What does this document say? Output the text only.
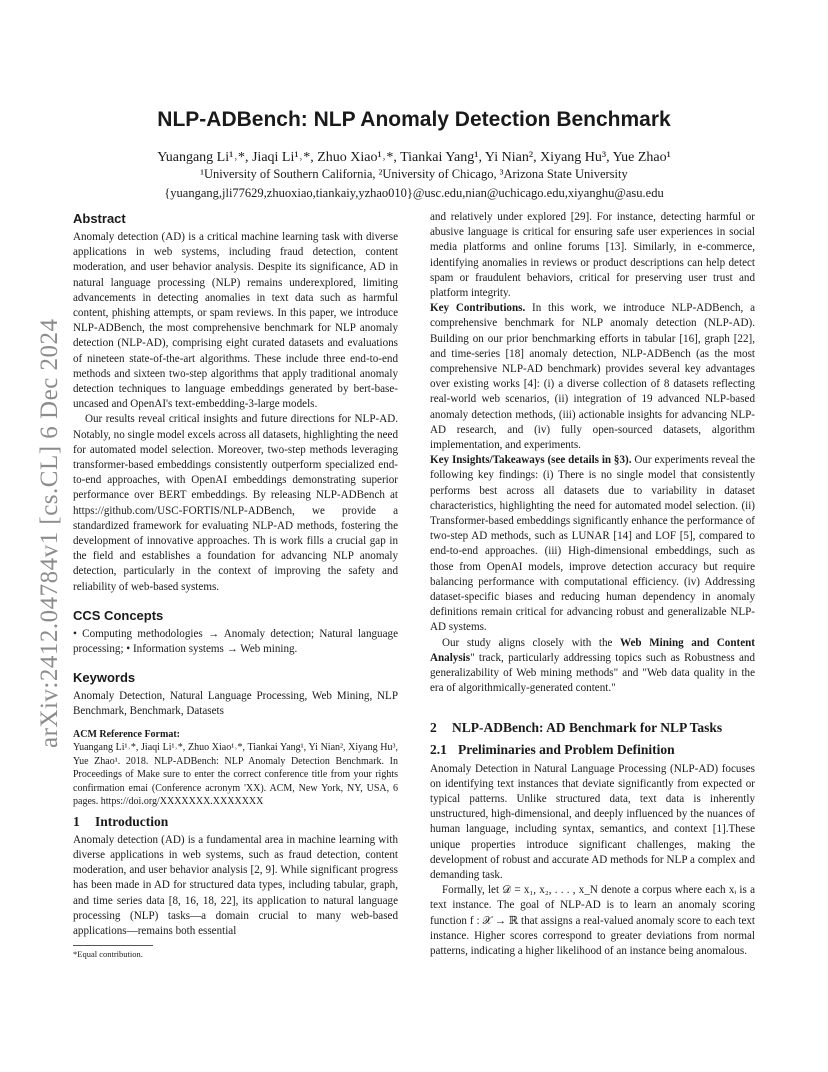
NLP-ADBench: NLP Anomaly Detection Benchmark
Yuangang Li¹˒*, Jiaqi Li¹˒*, Zhuo Xiao¹˒*, Tiankai Yang¹, Yi Nian², Xiyang Hu³, Yue Zhao¹
¹University of Southern California, ²University of Chicago, ³Arizona State University
{yuangang,jli77629,zhuoxiao,tiankaiy,yzhao010}@usc.edu,nian@uchicago.edu,xiyanghu@asu.edu
arXiv:2412.04784v1 [cs.CL] 6 Dec 2024
Abstract

Anomaly detection (AD) is a critical machine learning task with diverse applications in web systems, including fraud detection, content moderation, and user behavior analysis. Despite its significance, AD in natural language processing (NLP) remains underexplored, limiting advancements in detecting anomalies in text data such as harmful content, phishing attempts, or spam reviews. In this paper, we introduce NLP-ADBench, the most comprehensive benchmark for NLP anomaly detection (NLP-AD), comprising eight curated datasets and evaluations of nineteen state-of-the-art algorithms. These include three end-to-end methods and sixteen two-step algorithms that apply traditional anomaly detection techniques to language embeddings generated by bert-base-uncased and OpenAI's text-embedding-3-large models.

Our results reveal critical insights and future directions for NLP-AD. Notably, no single model excels across all datasets, highlighting the need for automated model selection. Moreover, two-step methods leveraging transformer-based embeddings consistently outperform specialized end-to-end approaches, with OpenAI embeddings demonstrating superior performance over BERT embeddings. By releasing NLP-ADBench at https://github.com/USC-FORTIS/NLP-ADBench, we provide a standardized framework for evaluating NLP-AD methods, fostering the development of innovative approaches. Th is work fills a crucial gap in the field and establishes a foundation for advancing NLP anomaly detection, particularly in the context of improving the safety and reliability of web-based systems.

CCS Concepts

• Computing methodologies → Anomaly detection; Natural language processing; • Information systems → Web mining.

Keywords

Anomaly Detection, Natural Language Processing, Web Mining, NLP Benchmark, Benchmark, Datasets

ACM Reference Format:

Yuangang Li¹˒*, Jiaqi Li¹˒*, Zhuo Xiao¹˒*, Tiankai Yang¹, Yi Nian², Xiyang Hu³, Yue Zhao¹. 2018. NLP-ADBench: NLP Anomaly Detection Benchmark. In Proceedings of Make sure to enter the correct conference title from your rights confirmation emai (Conference acronym 'XX). ACM, New York, NY, USA, 6 pages. https://doi.org/XXXXXXX.XXXXXXX

1 Introduction

Anomaly detection (AD) is a fundamental area in machine learning with diverse applications in web systems, such as fraud detection, content moderation, and user behavior analysis [2, 9]. While significant progress has been made in AD for structured data types, including tabular, graph, and time series data [8, 16, 18, 22], its application to natural language processing (NLP) tasks—a domain crucial to many web-based applications—remains both essential

*Equal contribution.

and relatively under explored [29]. For instance, detecting harmful or abusive language is critical for ensuring safe user experiences in social media platforms and online forums [13]. Similarly, in e-commerce, identifying anomalies in reviews or product descriptions can help detect spam or fraudulent behaviors, critical for preserving user trust and platform integrity.

Key Contributions. In this work, we introduce NLP-ADBench, a comprehensive benchmark for NLP anomaly detection (NLP-AD). Building on our prior benchmarking efforts in tabular [16], graph [22], and time-series [18] anomaly detection, NLP-ADBench (as the most comprehensive NLP-AD benchmark) provides several key advantages over existing works [4]: (i) a diverse collection of 8 datasets reflecting real-world web scenarios, (ii) integration of 19 advanced NLP-based anomaly detection methods, (iii) actionable insights for advancing NLP-AD research, and (iv) fully open-sourced datasets, algorithm implementation, and experiments.

Key Insights/Takeaways (see details in §3). Our experiments reveal the following key findings: (i) There is no single model that consistently performs best across all datasets due to variability in dataset characteristics, highlighting the need for automated model selection. (ii) Transformer-based embeddings significantly enhance the performance of two-step AD methods, such as LUNAR [14] and LOF [5], compared to end-to-end approaches. (iii) High-dimensional embeddings, such as those from OpenAI models, improve detection accuracy but require balancing performance with computational efficiency. (iv) Addressing dataset-specific biases and reducing human dependency in anomaly definitions remain critical for advancing robust and generalizable NLP-AD systems.

Our study aligns closely with the Web Mining and Content Analysis" track, particularly addressing topics such as Robustness and generalizability of Web mining methods" and "Web data quality in the era of algorithmically-generated content."

2 NLP-ADBench: AD Benchmark for NLP Tasks
2.1 Preliminaries and Problem Definition

Anomaly Detection in Natural Language Processing (NLP-AD) focuses on identifying text instances that deviate significantly from expected or typical patterns. Unlike structured data, text data is inherently unstructured, high-dimensional, and deeply influenced by the nuances of human language, including syntax, semantics, and context [1].These unique properties introduce significant challenges, making the development of robust and accurate AD methods for NLP a complex and demanding task.

Formally, let 𝒟 = x₁, x₂, . . . , x_N denote a corpus where each xᵢ is a text instance. The goal of NLP-AD is to learn an anomaly scoring function f : 𝒳 → ℝ that assigns a real-valued anomaly score to each text instance. Higher scores correspond to greater deviations from normal patterns, indicating a higher likelihood of an instance being anomalous.
